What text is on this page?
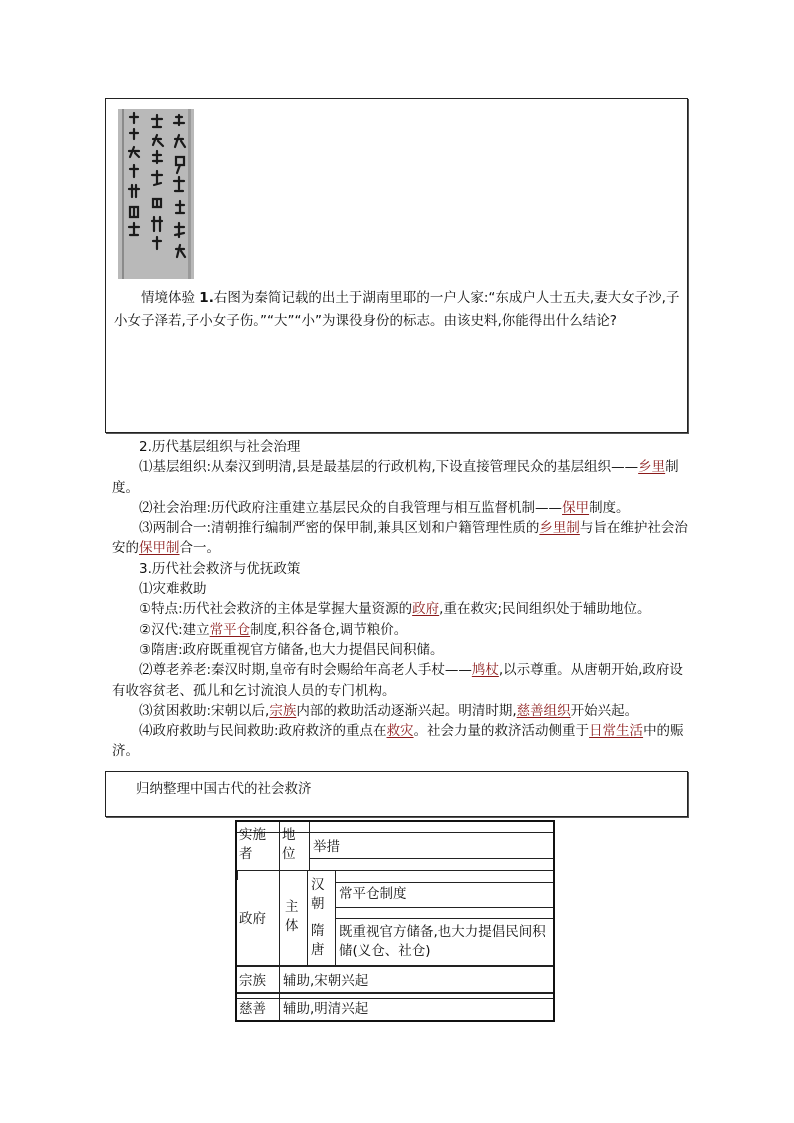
情境体验 1.右图为秦简记载的出土于湖南里耶的一户人家:“东成户人士五夫,妻大女子沙,子小女子泽若,子小女子伤。”“大”“小”为课役身份的标志。由该史料,你能得出什么结论?

2.历代基层组织与社会治理

⑴基层组织:从秦汉到明清,县是最基层的行政机构,下设直接管理民众的基层组织——乡里制度。

⑵社会治理:历代政府注重建立基层民众的自我管理与相互监督机制——保甲制度。

⑶两制合一:清朝推行编制严密的保甲制,兼具区划和户籍管理性质的乡里制与旨在维护社会治安的保甲制合一。

3.历代社会救济与优抚政策

⑴灾难救助

①特点:历代社会救济的主体是掌握大量资源的政府,重在救灾;民间组织处于辅助地位。

②汉代:建立常平仓制度,积谷备仓,调节粮价。

③隋唐:政府既重视官方储备,也大力提倡民间积储。

⑵尊老养老:秦汉时期,皇帝有时会赐给年高老人手杖——鸠杖,以示尊重。从唐朝开始,政府设有收容贫老、孤儿和乞讨流浪人员的专门机构。

⑶贫困救助:宋朝以后,宗族内部的救助活动逐渐兴起。明清时期,慈善组织开始兴起。

⑷政府救助与民间救助:政府救济的重点在救灾。社会力量的救济活动侧重于日常生活中的赈济。

归纳整理中国古代的社会救济
实施者
地位	举措
政府
主体
汉朝
常平仓制度
隋唐
既重视官方储备,也大力提倡民间积储(义仓、社仓)
宗族 辅助,宋朝兴起
慈善 辅助,明清兴起
